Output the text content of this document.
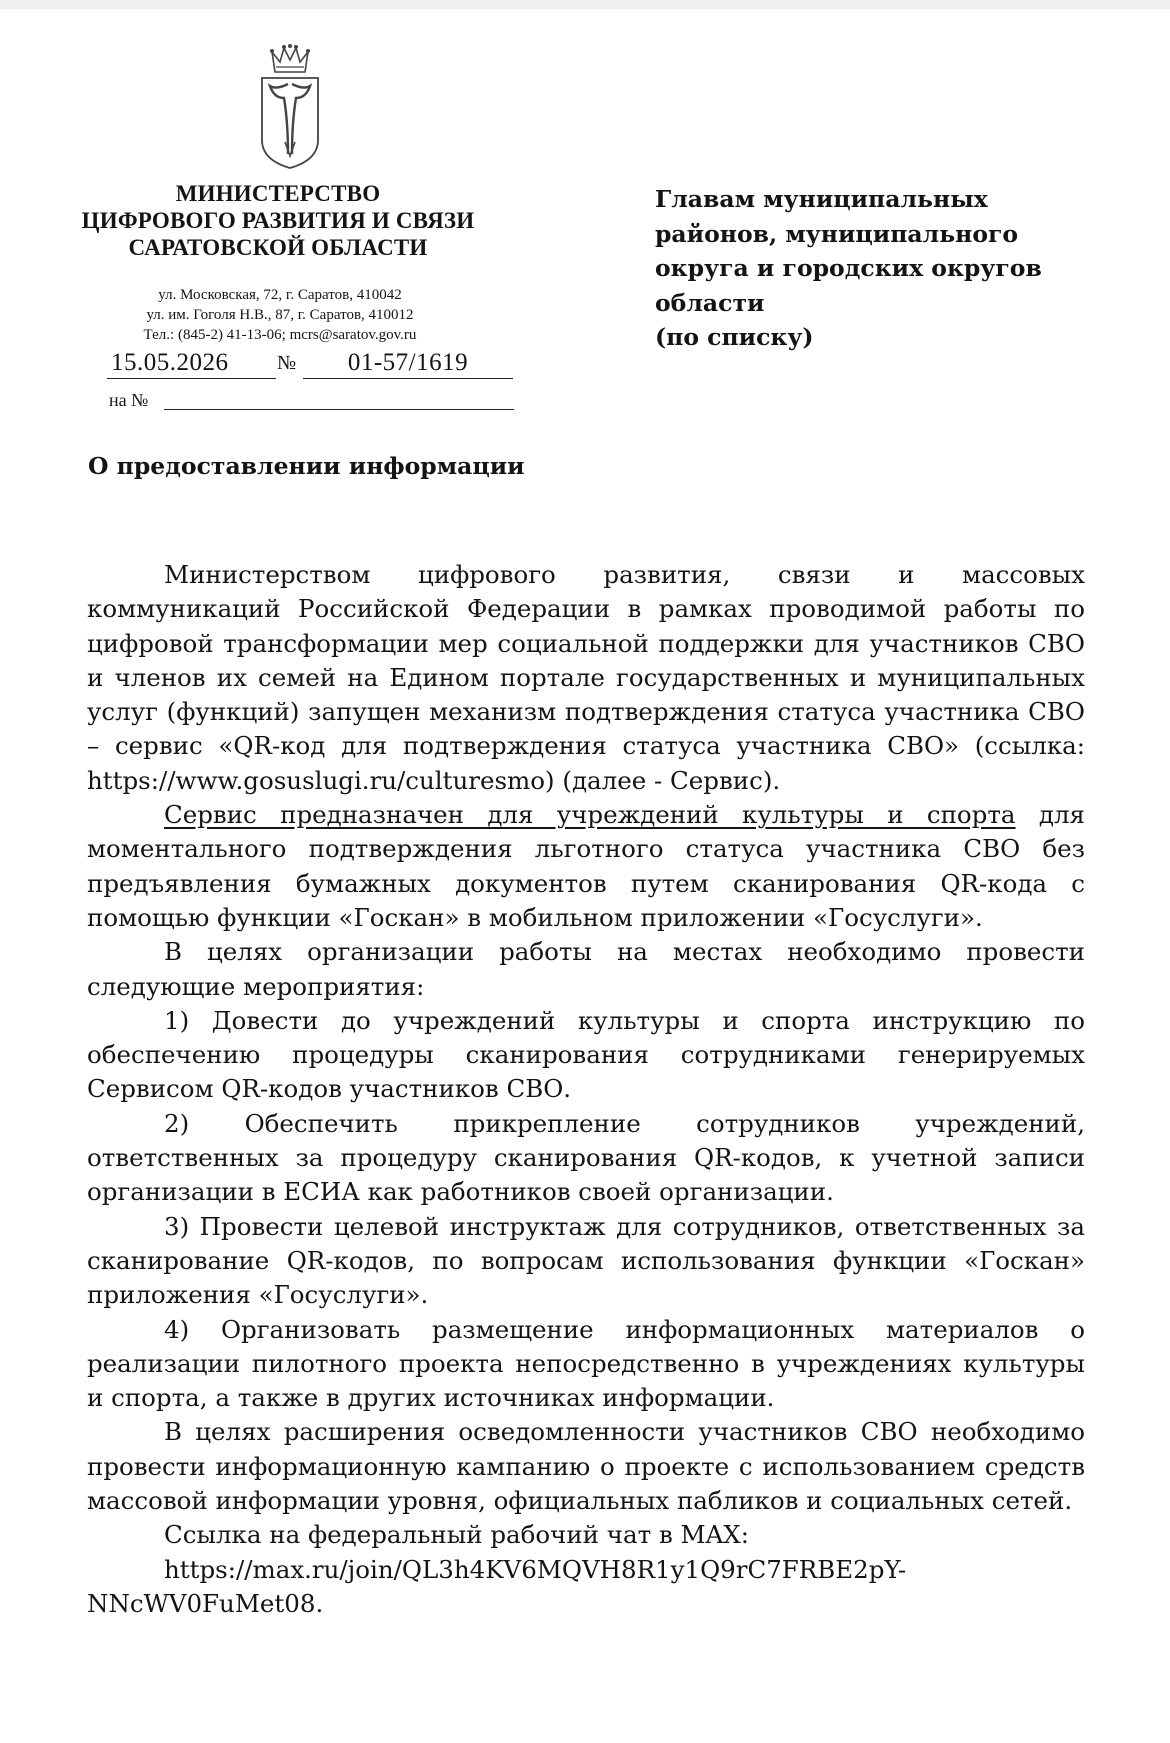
МИНИСТЕРСТВО
ЦИФРОВОГО РАЗВИТИЯ И СВЯЗИ
САРАТОВСКОЙ ОБЛАСТИ
ул. Московская, 72, г. Саратов, 410042
ул. им. Гоголя Н.В., 87, г. Саратов, 410012
Тел.: (845-2) 41-13-06; mcrs@saratov.gov.ru
15.05.2026	№	01-57/1619
на №
Главам муниципальных
районов, муниципального
округа и городских округов
области
(по списку)
О предоставлении информации

Министерством цифрового развития, связи и массовых коммуникаций Российской Федерации в рамках проводимой работы по цифровой трансформации мер социальной поддержки для участников СВО и членов их семей на Едином портале государственных и муниципальных услуг (функций) запущен механизм подтверждения статуса участника СВО – сервис «QR-код для подтверждения статуса участника СВО» (ссылка: https://www.gosuslugi.ru/culturesmo) (далее - Сервис).

Сервис предназначен для учреждений культуры и спорта для моментального подтверждения льготного статуса участника СВО без предъявления бумажных документов путем сканирования QR-кода с помощью функции «Госкан» в мобильном приложении «Госуслуги».

В целях организации работы на местах необходимо провести следующие мероприятия:

1) Довести до учреждений культуры и спорта инструкцию по обеспечению процедуры сканирования сотрудниками генерируемых Сервисом QR-кодов участников СВО.

2) Обеспечить прикрепление сотрудников учреждений, ответственных за процедуру сканирования QR-кодов, к учетной записи организации в ЕСИА как работников своей организации.

3) Провести целевой инструктаж для сотрудников, ответственных за сканирование QR-кодов, по вопросам использования функции «Госкан» приложения «Госуслуги».

4) Организовать размещение информационных материалов о реализации пилотного проекта непосредственно в учреждениях культуры и спорта, а также в других источниках информации.

В целях расширения осведомленности участников СВО необходимо провести информационную кампанию о проекте с использованием средств массовой информации уровня, официальных пабликов и социальных сетей.

Ссылка на федеральный рабочий чат в MAX:

https://max.ru/join/QL3h4KV6MQVH8R1y1Q9rC7FRBE2pY-
NNcWV0FuMet08.
